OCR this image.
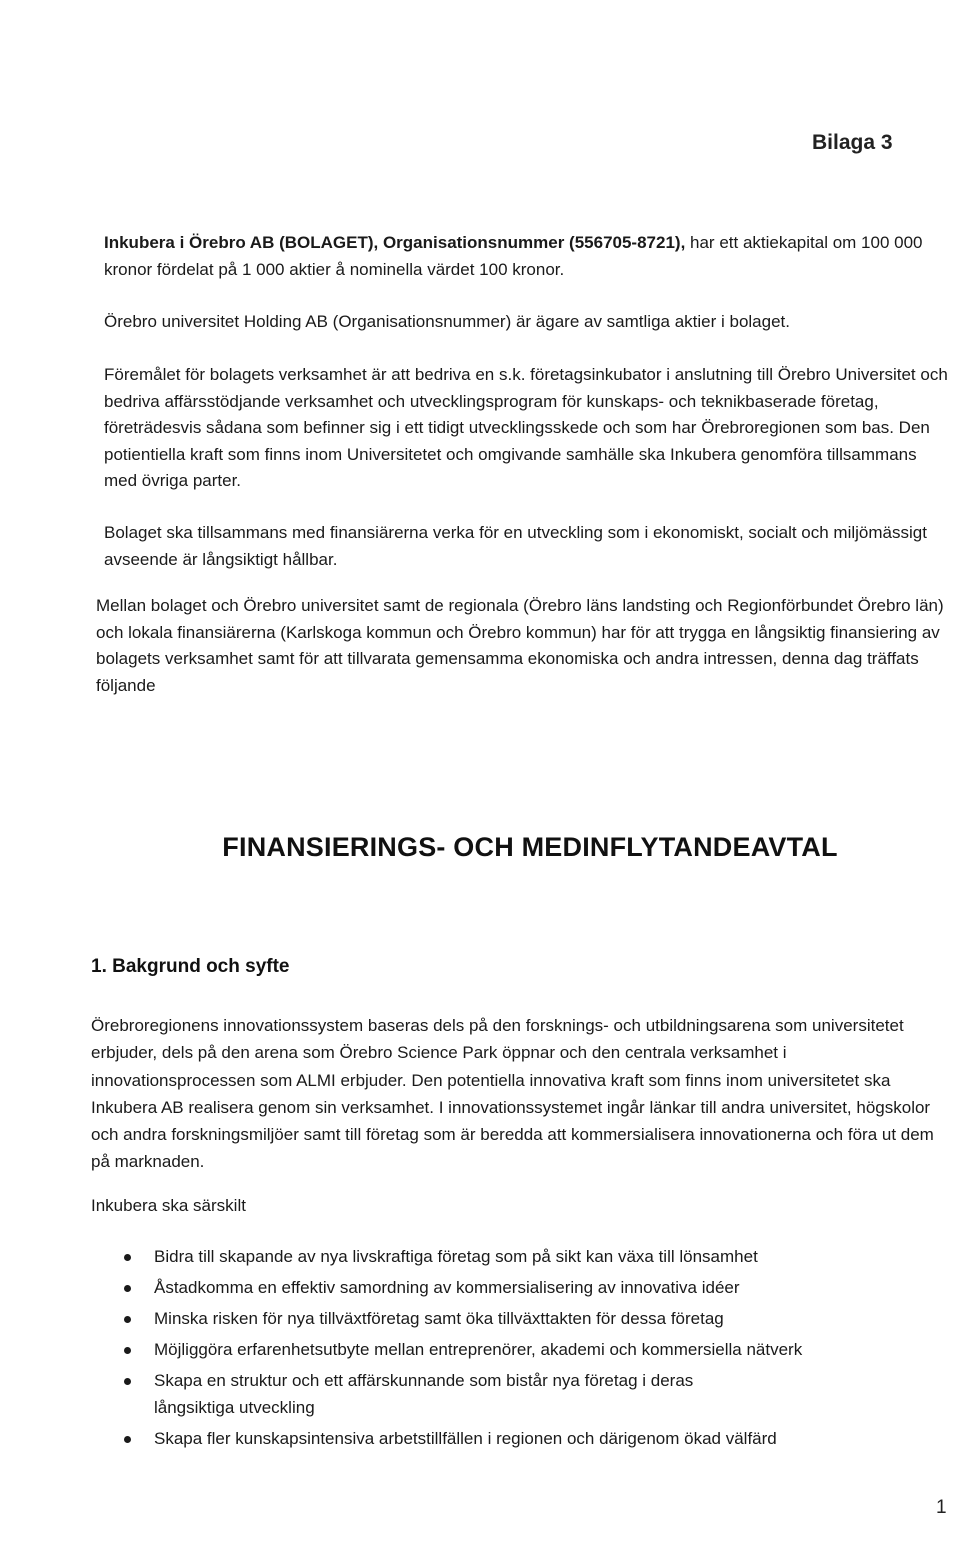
Bilaga 3

Inkubera i Örebro AB (BOLAGET), Organisationsnummer (556705-8721), har ett aktiekapital om 100 000 kronor fördelat på 1 000 aktier å nominella värdet 100 kronor.

Örebro universitet Holding AB (Organisationsnummer) är ägare av samtliga aktier i bolaget.

Föremålet för bolagets verksamhet är att bedriva en s.k. företagsinkubator i anslutning till Örebro Universitet och bedriva affärsstödjande verksamhet och utvecklingsprogram för kunskaps- och teknikbaserade företag, företrädesvis sådana som befinner sig i ett tidigt utvecklingsskede och som har Örebroregionen som bas. Den potientiella kraft som finns inom Universitetet och omgivande samhälle ska Inkubera genomföra tillsammans med övriga parter.

Bolaget ska tillsammans med finansiärerna verka för en utveckling som i ekonomiskt, socialt och miljömässigt avseende är långsiktigt hållbar.

Mellan bolaget och Örebro universitet samt de regionala (Örebro läns landsting och Regionförbundet Örebro län) och lokala finansiärerna (Karlskoga kommun och Örebro kommun) har för att trygga en långsiktig finansiering av bolagets verksamhet samt för att tillvarata gemensamma ekonomiska och andra intressen, denna dag träffats följande

FINANSIERINGS- OCH MEDINFLYTANDEAVTAL
1. Bakgrund och syfte

Örebroregionens innovationssystem baseras dels på den forsknings- och utbildningsarena som universitetet erbjuder, dels på den arena som Örebro Science Park öppnar och den centrala verksamhet i innovationsprocessen som ALMI erbjuder. Den potentiella innovativa kraft som finns inom universitetet ska Inkubera AB realisera genom sin verksamhet. I innovationssystemet ingår länkar till andra universitet, högskolor och andra forskningsmiljöer samt till företag som är beredda att kommersialisera innovationerna och föra ut dem på marknaden.

Inkubera ska särskilt

Bidra till skapande av nya livskraftiga företag som på sikt kan växa till lönsamhet
Åstadkomma en effektiv samordning av kommersialisering av innovativa idéer
Minska risken för nya tillväxtföretag samt öka tillväxttakten för dessa företag
Möjliggöra erfarenhetsutbyte mellan entreprenörer, akademi och kommersiella nätverk
Skapa en struktur och ett affärskunnande som bistår nya företag i deras långsiktiga utveckling
Skapa fler kunskapsintensiva arbetstillfällen i regionen och därigenom ökad välfärd
1
